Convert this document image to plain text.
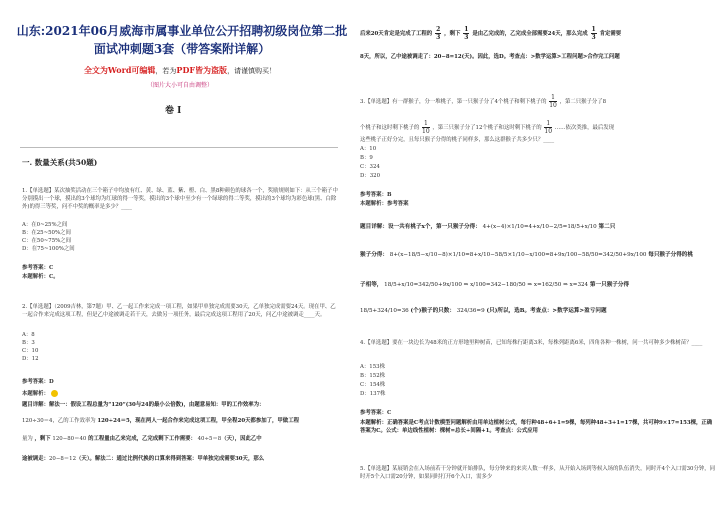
山东:2021年06月威海市属事业单位公开招聘初级岗位第二批面试冲刺题3套（带答案附详解）
全文为Word可编辑，若为PDF皆为盗版，请谨慎购买！
（图片大小可自由调整）
卷 I
一. 数量关系(共50题)
1.【单选题】某次抽奖活动在三个箱子中均放有红、黄、绿、蓝、紫、橙、白、黑8种颜色的球各一个，奖励规则如下：从三个箱子中分别摸出一个球，摸出的3个球均为红球的得一等奖，摸出的3个球中至少有一个绿球的得二等奖，摸出的3个球均为彩色球(黑、白除外)的得三等奖，问不中奖的概率是多少？____
A：在0~25%之间
B：在25~50%之间
C：在50~75%之间
D：在75~100%之间
参考答案：C
本题解析：C。
2.【单选题】（2009吉林，第7题）甲、乙一起工作来完成一项工程，如果甲单独完成需要30天，乙单独完成需要24天。现在甲、乙一起合作来完成这项工程，但是乙中途被调走若干天，去做另一项任务，最后完成这项工程用了20天，问乙中途被调走____天。
A：8
B：3
C：10
D：12
参考答案：D
本题解析：
题目详解：解法一：假设工程总量为“120”(30与24的最小公倍数)，由题意易知：甲的工作效率为：
120÷30＝4，乙的工作效率为 120÷24＝5，现在两人一起合作来完成这项工程，甲全程20天都参加了，甲做工程
量为 ，剩下 120−80＝40 的工程量由乙来完成，乙完成剩下工作需要： 40÷5＝8（天），因此乙中
途被调走：20−8＝12（天）。解法二：通过比例代换的口算来得到答案：甲单独完成需要30天，那么
后来20天肯定是完成了工程的 $\frac{2}{3}$ ，剩下 $\frac{1}{3}$ 是由乙完成的，乙完成全部需要24天，那么完成 $\frac{1}{3}$ 肯定需要
8天，所以，乙中途被调走了：20−8=12(天)。因此，选D。考查点：>数学运算>工程问题>合作完工问题
3.【单选题】有一群猴子，分一堆桃子，第一只猴子分了4个桃子和剩下桃子的 $\frac{1}{10}$ ，第二只猴子分了8
个桃子和这时剩下桃子的 $\frac{1}{10}$ ，第三只猴子分了12个桃子和这时剩下桃子的 $\frac{1}{10}$ ……依次类推，最后发现
这些桃子正好分完，且每只猴子分得的桃子同样多，那么这群猴子共多少只？____
A：10
B：9
C：324
D：320
参考答案：B
本题解析：参考答案
题目详解：设一共有桃子x个，第一只猴子分得： 4+(x−4)×1/10=4+x/10−2/5=18/5+x/10 第二只
猴子分得： 8+(x−18/5−x/10−8)×1/10=8+x/10−58/5×1/10−x/100=8+9x/100−58/50=342/50+9x/100 每只猴子分得的桃
子相等， 18/5+x/10=342/50+9x/100 ⇒ x/100=342−180/50 ⇒ x=162/50 ⇒ x=324 第一只猴子分得
18/5+324/10=36 (个)猴子的只数： 324/36=9 (只)所以，选B。考查点：>数学运算>盈亏问题
4.【单选题】要在一块边长为48米的正方形地里种树苗，已知每株行距离3米，每株列距离6米，四角各种一株树，问一共可种多少株树苗？____
A：153株
B：152株
C：154株
D：137株
参考答案：C
本题解析：正确答案是C考点计数模型问题解析由用单边植树公式，每行种48÷6+1=9棵，每列种48÷3+1=17棵，共可种9×17=153棵，正确答案为C。公式：单边线性植树：棵树=总长÷间隔+1。考查点：公式应用
5.【单选题】某展销会在入场前若干分钟就开始排队，每分钟来的来宾人数一样多，从开始入场到等候入场的队伍消失，同时开4个入口需30分钟，同时开5个入口需20分钟，如果同时打开6个入口，需多少
